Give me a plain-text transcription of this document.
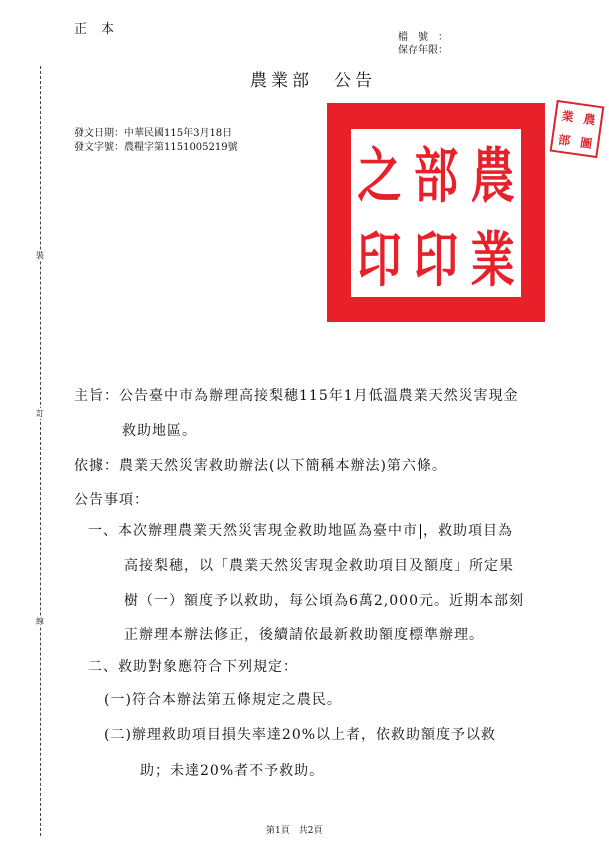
正本
檔號：
保存年限：
裝
訂
線
農業部　公告
發文日期：中華民國115年3月18日
發文字號：農糧字第1151005219號	之 部 農
印 印 業
業 農
部 圖
主旨：公告臺中市為辦理高接梨穗115年1月低溫農業天然災害現金
救助地區。
依據：農業天然災害救助辦法(以下簡稱本辦法)第六條。
公告事項：
一、本次辦理農業天然災害現金救助地區為臺中市 ，救助項目為
高接梨穗，以「農業天然災害現金救助項目及額度」所定果
樹（一）額度予以救助，每公頃為6萬2,000元。近期本部刻
正辦理本辦法修正，後續請依最新救助額度標準辦理。
二、救助對象應符合下列規定：
(一)符合本辦法第五條規定之農民。
(二)辦理救助項目損失率達20%以上者，依救助額度予以救
助；未達20%者不予救助。
第1頁　共2頁
